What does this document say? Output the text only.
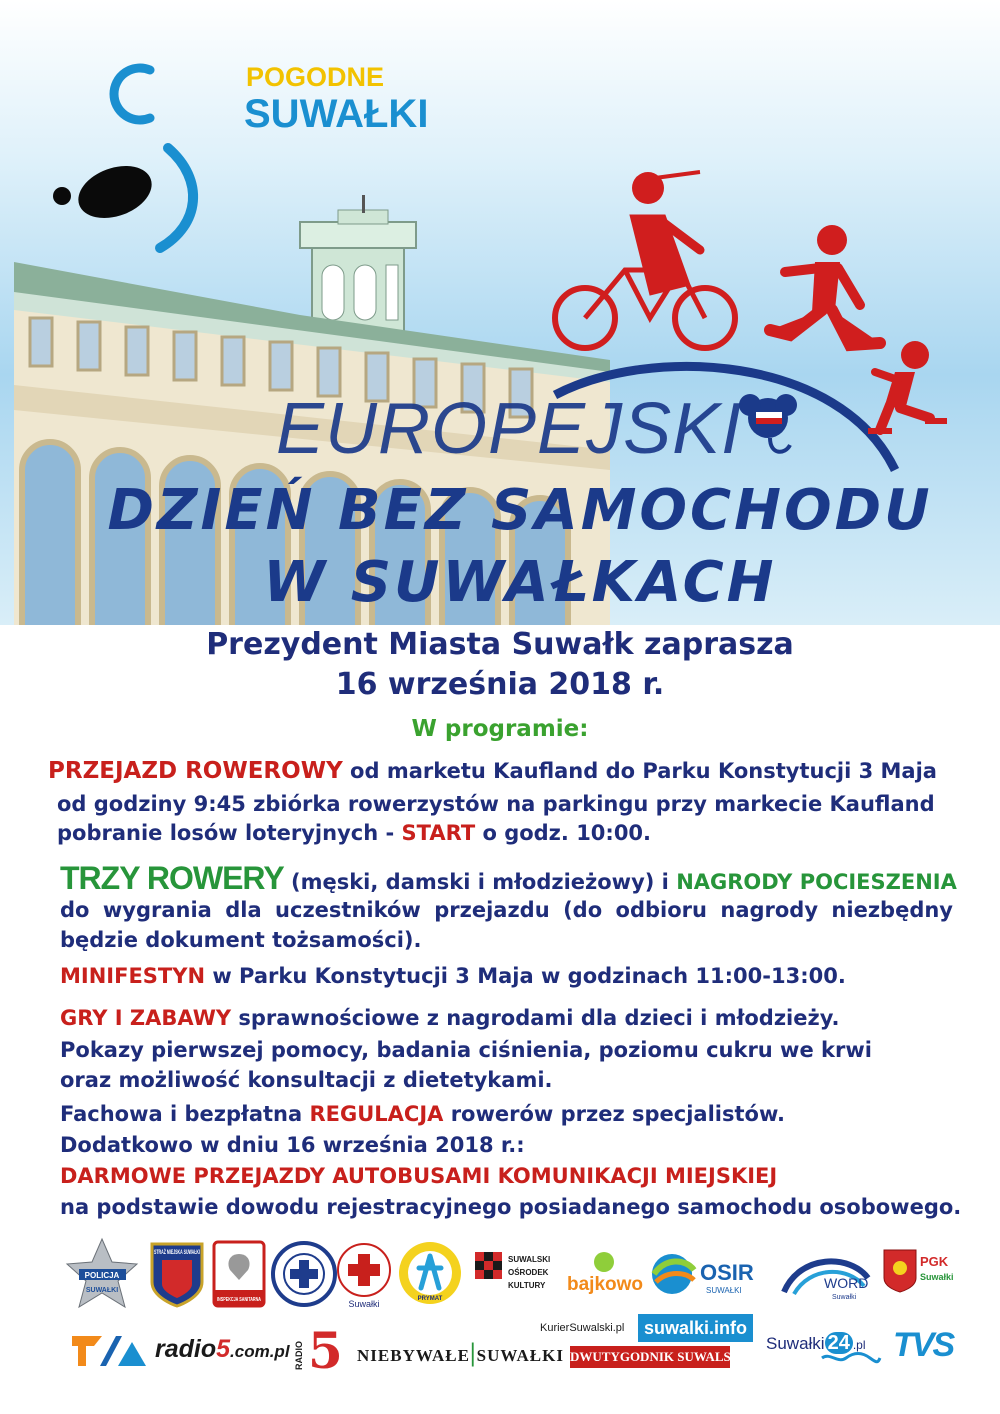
POGODNE
SUWAŁKI
EUROPEJSKI
DZIEŃ BEZ SAMOCHODU
W SUWAŁKACH
Prezydent Miasta Suwałk zaprasza
16 września 2018 r.
W programie:
PRZEJAZD ROWEROWY od marketu Kaufland do Parku Konstytucji 3 Maja
od godziny 9:45 zbiórka rowerzystów na parkingu przy markecie Kaufland
pobranie losów loteryjnych - START o godz. 10:00.
TRZY ROWERY (męski, damski i młodzieżowy) i NAGRODY POCIESZENIA
do wygrania dla uczestników przejazdu (do odbioru nagrody niezbędny
będzie dokument tożsamości).
MINIFESTYN w Parku Konstytucji 3 Maja w godzinach 11:00-13:00.
GRY I ZABAWY sprawnościowe z nagrodami dla dzieci i młodzieży.
Pokazy pierwszej pomocy, badania ciśnienia, poziomu cukru we krwi
oraz możliwość konsultacji z dietetykami.
Fachowa i bezpłatna REGULACJA rowerów przez specjalistów.
Dodatkowo w dniu 16 września 2018 r.:
DARMOWE PRZEJAZDY AUTOBUSAMI KOMUNIKACJI MIEJSKIEJ
na podstawie dowodu rejestracyjnego posiadanego samochodu osobowego.
POLICJA
SUWAŁKI
STRAŻ MIEJSKA SUWAŁKI
INSPEKCJA SANITARNA	Suwałki	PRYMAT
SUWALSKI
OŚRODEK
KULTURY bajkowo	OSIR
SUWAŁKI	WORD
Suwałki
PGK
Suwałki
radio5.com.pl RADIO 5 NIEBYWAŁE|SUWAŁKI
KurierSuwalski.pl
DWUTYGODNIK SUWALSKI
suwalki.info
Suwałki 24 .pl TVS
